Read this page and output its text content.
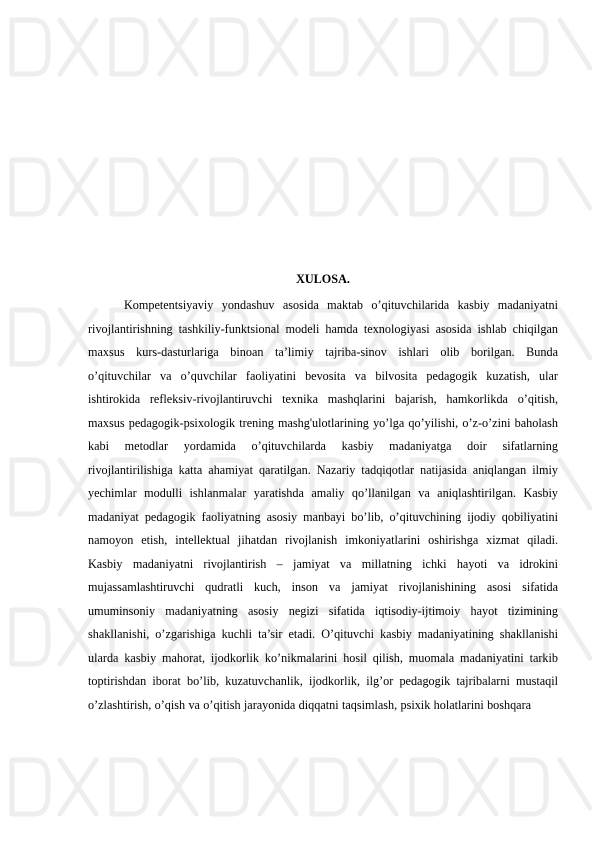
XULOSA.

Kompetentsiyaviy yondashuv asosida maktab o’qituvchilarida kasbiy madaniyatni rivojlantirishning tashkiliy-funktsional modeli hamda texnologiyasi asosida ishlab chiqilgan maxsus kurs-dasturlariga binoan ta’limiy tajriba-sinov ishlari olib borilgan. Bunda o’qituvchilar va o’quvchilar faoliyatini bevosita va bilvosita pedagogik kuzatish, ular ishtirokida refleksiv-rivojlantiruvchi texnika mashqlarini bajarish, hamkorlikda o’qitish, maxsus pedagogik-psixologik trening mashg'ulotlarining yo’lga qo’yilishi, o’z-o’zini baholash kabi metodlar yordamida o’qituvchilarda kasbiy madaniyatga doir sifatlarning rivojlantirilishiga katta ahamiyat qaratilgan. Nazariy tadqiqotlar natijasida aniqlangan ilmiy yechimlar modulli ishlanmalar yaratishda amaliy qo’llanilgan va aniqlashtirilgan. Kasbiy madaniyat pedagogik faoliyatning asosiy manbayi bo’lib, o’qituvchining ijodiy qobiliyatini namoyon etish, intellektual jihatdan rivojlanish imkoniyatlarini oshirishga xizmat qiladi. Kasbiy madaniyatni rivojlantirish – jamiyat va millatning ichki hayoti va idrokini mujassamlashtiruvchi qudratli kuch, inson va jamiyat rivojlanishining asosi sifatida umuminsoniy madaniyatning asosiy negizi sifatida iqtisodiy-ijtimoiy hayot tizimining shakllanishi, o’zgarishiga kuchli ta’sir etadi. O’qituvchi kasbiy madaniyatining shakllanishi ularda kasbiy mahorat, ijodkorlik ko’nikmalarini hosil qilish, muomala madaniyatini tarkib toptirishdan iborat bo’lib, kuzatuvchanlik, ijodkorlik, ilg’or pedagogik tajribalarni mustaqil o’zlashtirish, o’qish va o’qitish jarayonida diqqatni taqsimlash, psixik holatlarini boshqara
